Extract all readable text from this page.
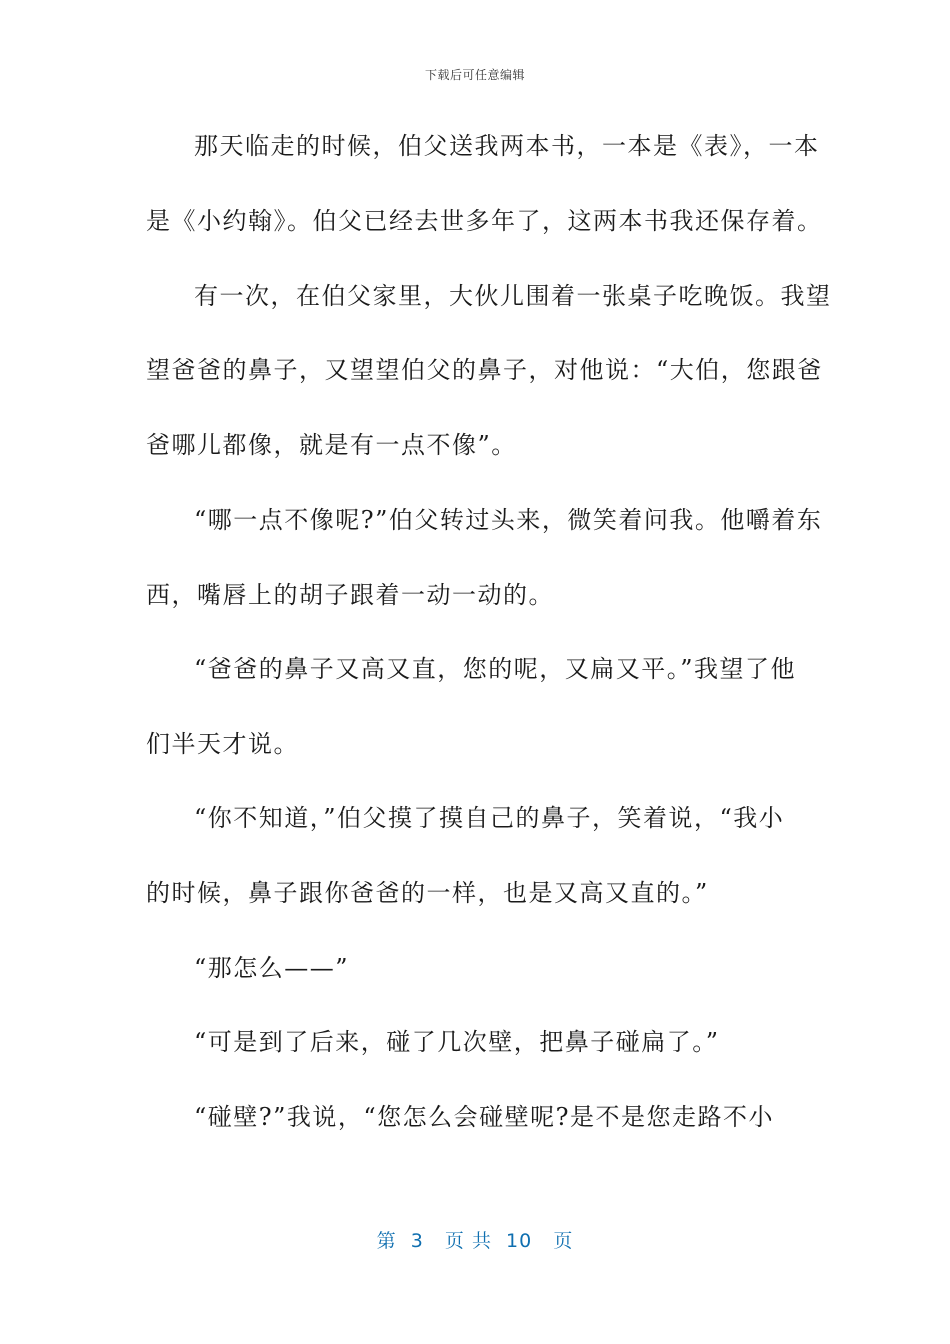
下载后可任意编辑
那天临走的时候，伯父送我两本书，一本是《表》，一本
是《小约翰》。伯父已经去世多年了，这两本书我还保存着。
有一次，在伯父家里，大伙儿围着一张桌子吃晚饭。我望
望爸爸的鼻子，又望望伯父的鼻子，对他说：“大伯，您跟爸
爸哪儿都像，就是有一点不像”。
“哪一点不像呢?”伯父转过头来，微笑着问我。他嚼着东
西，嘴唇上的胡子跟着一动一动的。
“爸爸的鼻子又高又直，您的呢，又扁又平。”我望了他
们半天才说。
“你不知道，”伯父摸了摸自己的鼻子，笑着说，“我小
的时候，鼻子跟你爸爸的一样，也是又高又直的。”
“那怎么——”
“可是到了后来，碰了几次壁，把鼻子碰扁了。”
“碰壁?”我说，“您怎么会碰壁呢?是不是您走路不小
第  3   页 共  10   页
